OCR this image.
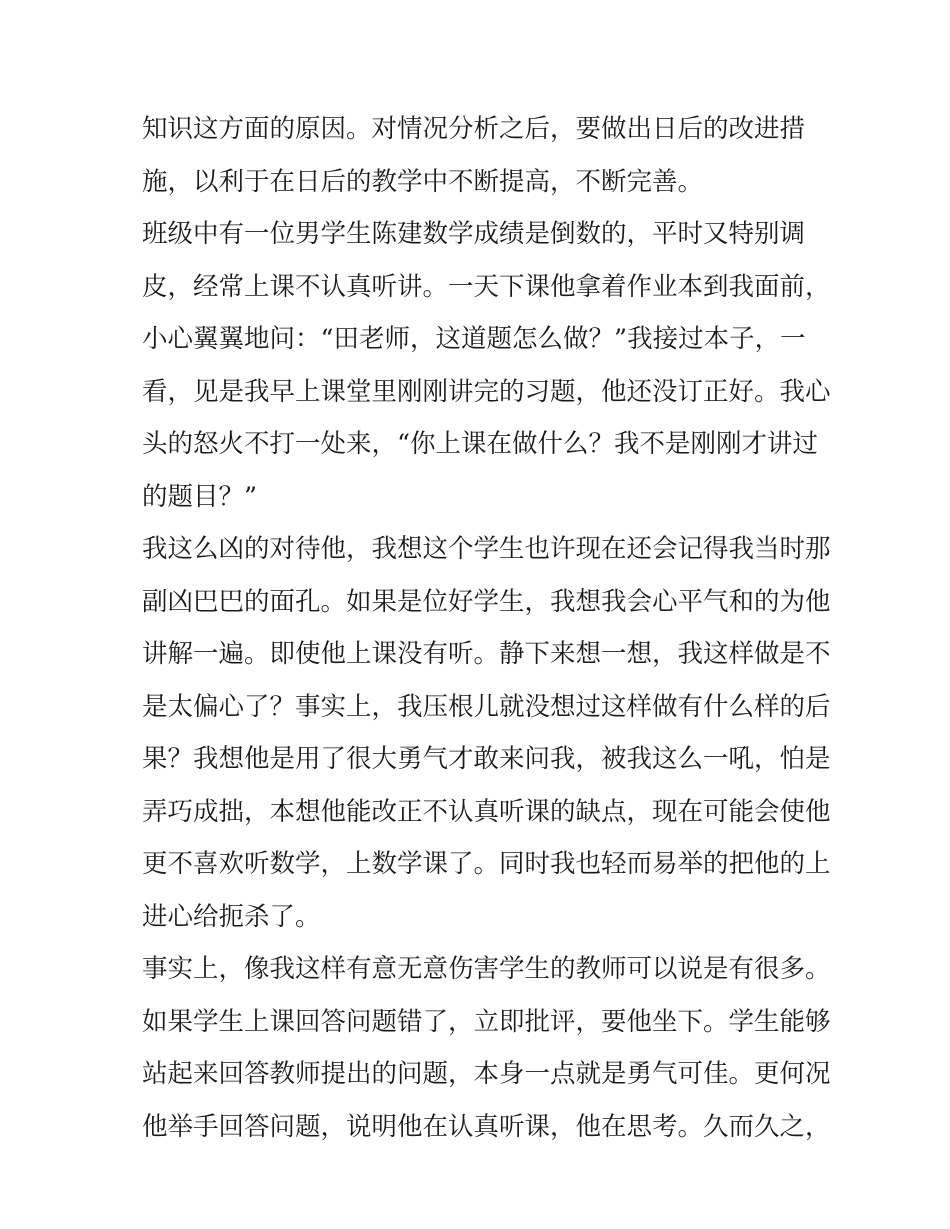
知识这方面的原因。对情况分析之后，要做出日后的改进措
施，以利于在日后的教学中不断提高，不断完善。
班级中有一位男学生陈建数学成绩是倒数的，平时又特别调
皮，经常上课不认真听讲。一天下课他拿着作业本到我面前，
小心翼翼地问：“田老师，这道题怎么做？”我接过本子，一
看，见是我早上课堂里刚刚讲完的习题，他还没订正好。我心
头的怒火不打一处来，“你上课在做什么？我不是刚刚才讲过
的题目？”
我这么凶的对待他，我想这个学生也许现在还会记得我当时那
副凶巴巴的面孔。如果是位好学生，我想我会心平气和的为他
讲解一遍。即使他上课没有听。静下来想一想，我这样做是不
是太偏心了？事实上，我压根儿就没想过这样做有什么样的后
果？我想他是用了很大勇气才敢来问我，被我这么一吼，怕是
弄巧成拙，本想他能改正不认真听课的缺点，现在可能会使他
更不喜欢听数学，上数学课了。同时我也轻而易举的把他的上
进心给扼杀了。
事实上，像我这样有意无意伤害学生的教师可以说是有很多。
如果学生上课回答问题错了，立即批评，要他坐下。学生能够
站起来回答教师提出的问题，本身一点就是勇气可佳。更何况
他举手回答问题，说明他在认真听课，他在思考。久而久之，
